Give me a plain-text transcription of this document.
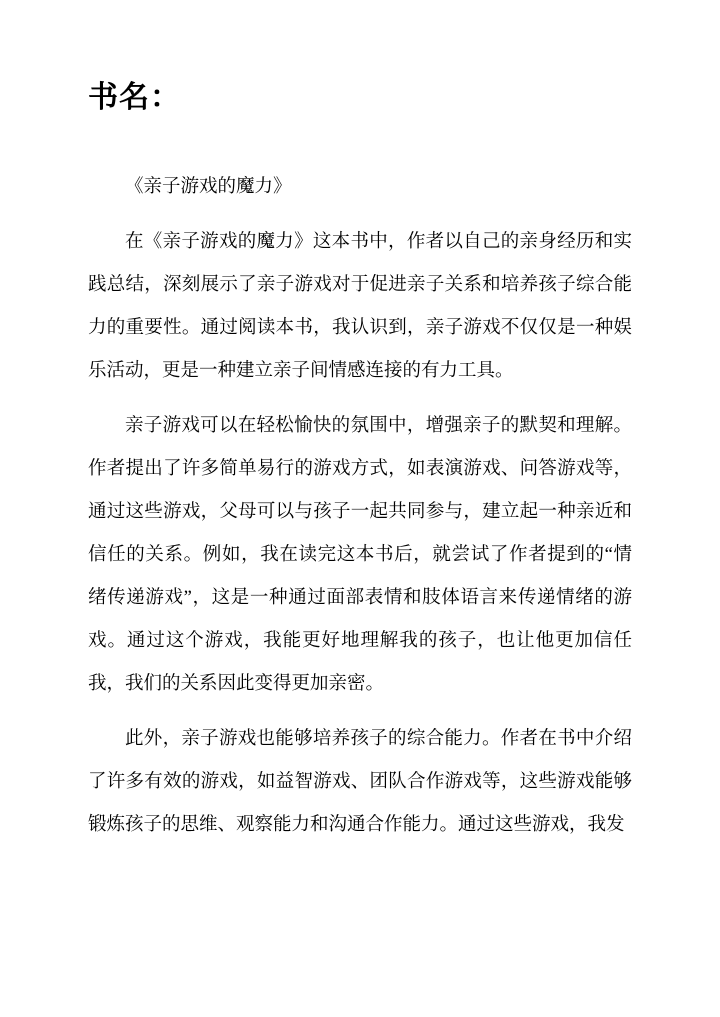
书名：

《亲子游戏的魔力》

在《亲子游戏的魔力》这本书中，作者以自己的亲身经历和实践总结，深刻展示了亲子游戏对于促进亲子关系和培养孩子综合能力的重要性。通过阅读本书，我认识到，亲子游戏不仅仅是一种娱乐活动，更是一种建立亲子间情感连接的有力工具。

亲子游戏可以在轻松愉快的氛围中，增强亲子的默契和理解。作者提出了许多简单易行的游戏方式，如表演游戏、问答游戏等，通过这些游戏，父母可以与孩子一起共同参与，建立起一种亲近和信任的关系。例如，我在读完这本书后，就尝试了作者提到的“情绪传递游戏”，这是一种通过面部表情和肢体语言来传递情绪的游戏。通过这个游戏，我能更好地理解我的孩子，也让他更加信任我，我们的关系因此变得更加亲密。

此外，亲子游戏也能够培养孩子的综合能力。作者在书中介绍了许多有效的游戏，如益智游戏、团队合作游戏等，这些游戏能够锻炼孩子的思维、观察能力和沟通合作能力。通过这些游戏，我发
